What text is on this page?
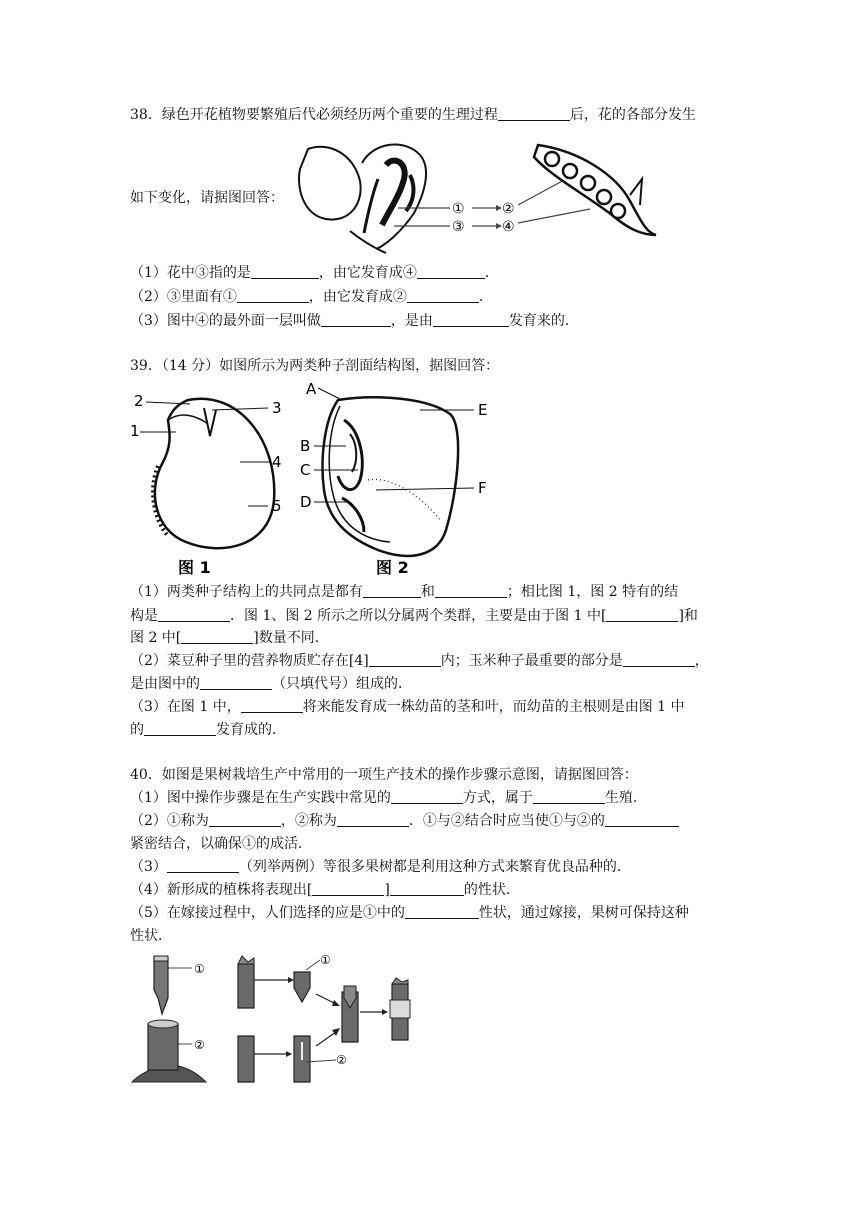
38．绿色开花植物要繁殖后代必须经历两个重要的生理过程	后，花的各部分发生
如下变化，请据图回答：
①	②
③	④
（1）花中③指的是	，由它发育成④	．
（2）③里面有①	，由它发育成②	．
（3）图中④的最外面一层叫做	，是由	发育来的．
39．（14 分）如图所示为两类种子剖面结构图，据图回答：
2	3
1
4
5
图 1
A
E
B
C
F
D
图 2
（1）两类种子结构上的共同点是都有	和	；相比图 1，图 2 特有的结
构是	．图 1、图 2 所示之所以分属两个类群，主要是由于图 1 中[	]和
图 2 中[	]数量不同．
（2）菜豆种子里的营养物质贮存在[4]	内；玉米种子最重要的部分是	，
是由图中的	（只填代号）组成的．
（3）在图 1 中，	将来能发育成一株幼苗的茎和叶，而幼苗的主根则是由图 1 中
的	发育成的．
40．如图是果树栽培生产中常用的一项生产技术的操作步骤示意图，请据图回答：
（1）图中操作步骤是在生产实践中常见的	方式，属于	生殖．
（2）①称为	，②称为	．①与②结合时应当使①与②的
紧密结合，以确保①的成活．
（3）	（列举两例）等很多果树都是利用这种方式来繁育优良品种的．
（4）新形成的植株将表现出[	]	的性状．
（5）在嫁接过程中，人们选择的应是①中的	性状，通过嫁接，果树可保持这种
性状．
①
②
①
②
